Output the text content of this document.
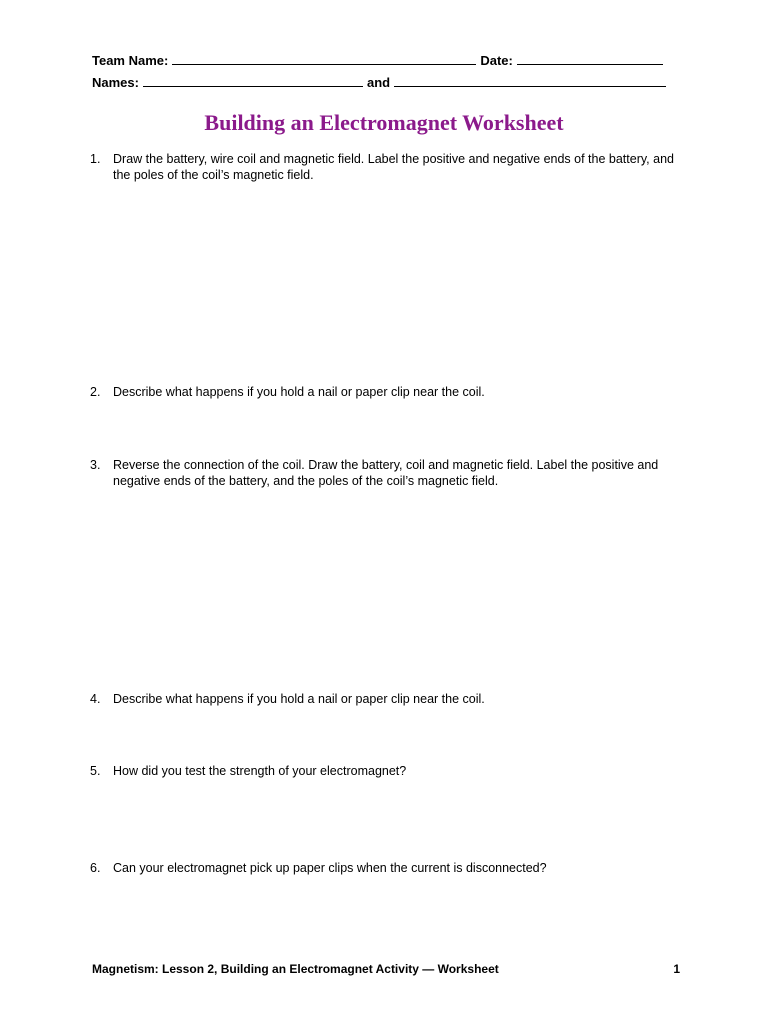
Team Name:	Date:
Names:	and
Building an Electromagnet Worksheet
1.	Draw the battery, wire coil and magnetic field. Label the positive and negative ends of the battery, and the poles of the coil’s magnetic field.
2.	Describe what happens if you hold a nail or paper clip near the coil.
3.	Reverse the connection of the coil. Draw the battery, coil and magnetic field. Label the positive and negative ends of the battery, and the poles of the coil’s magnetic field.
4.	Describe what happens if you hold a nail or paper clip near the coil.
5.	How did you test the strength of your electromagnet?
6.	Can your electromagnet pick up paper clips when the current is disconnected?
Magnetism: Lesson 2, Building an Electromagnet Activity — Worksheet	1
